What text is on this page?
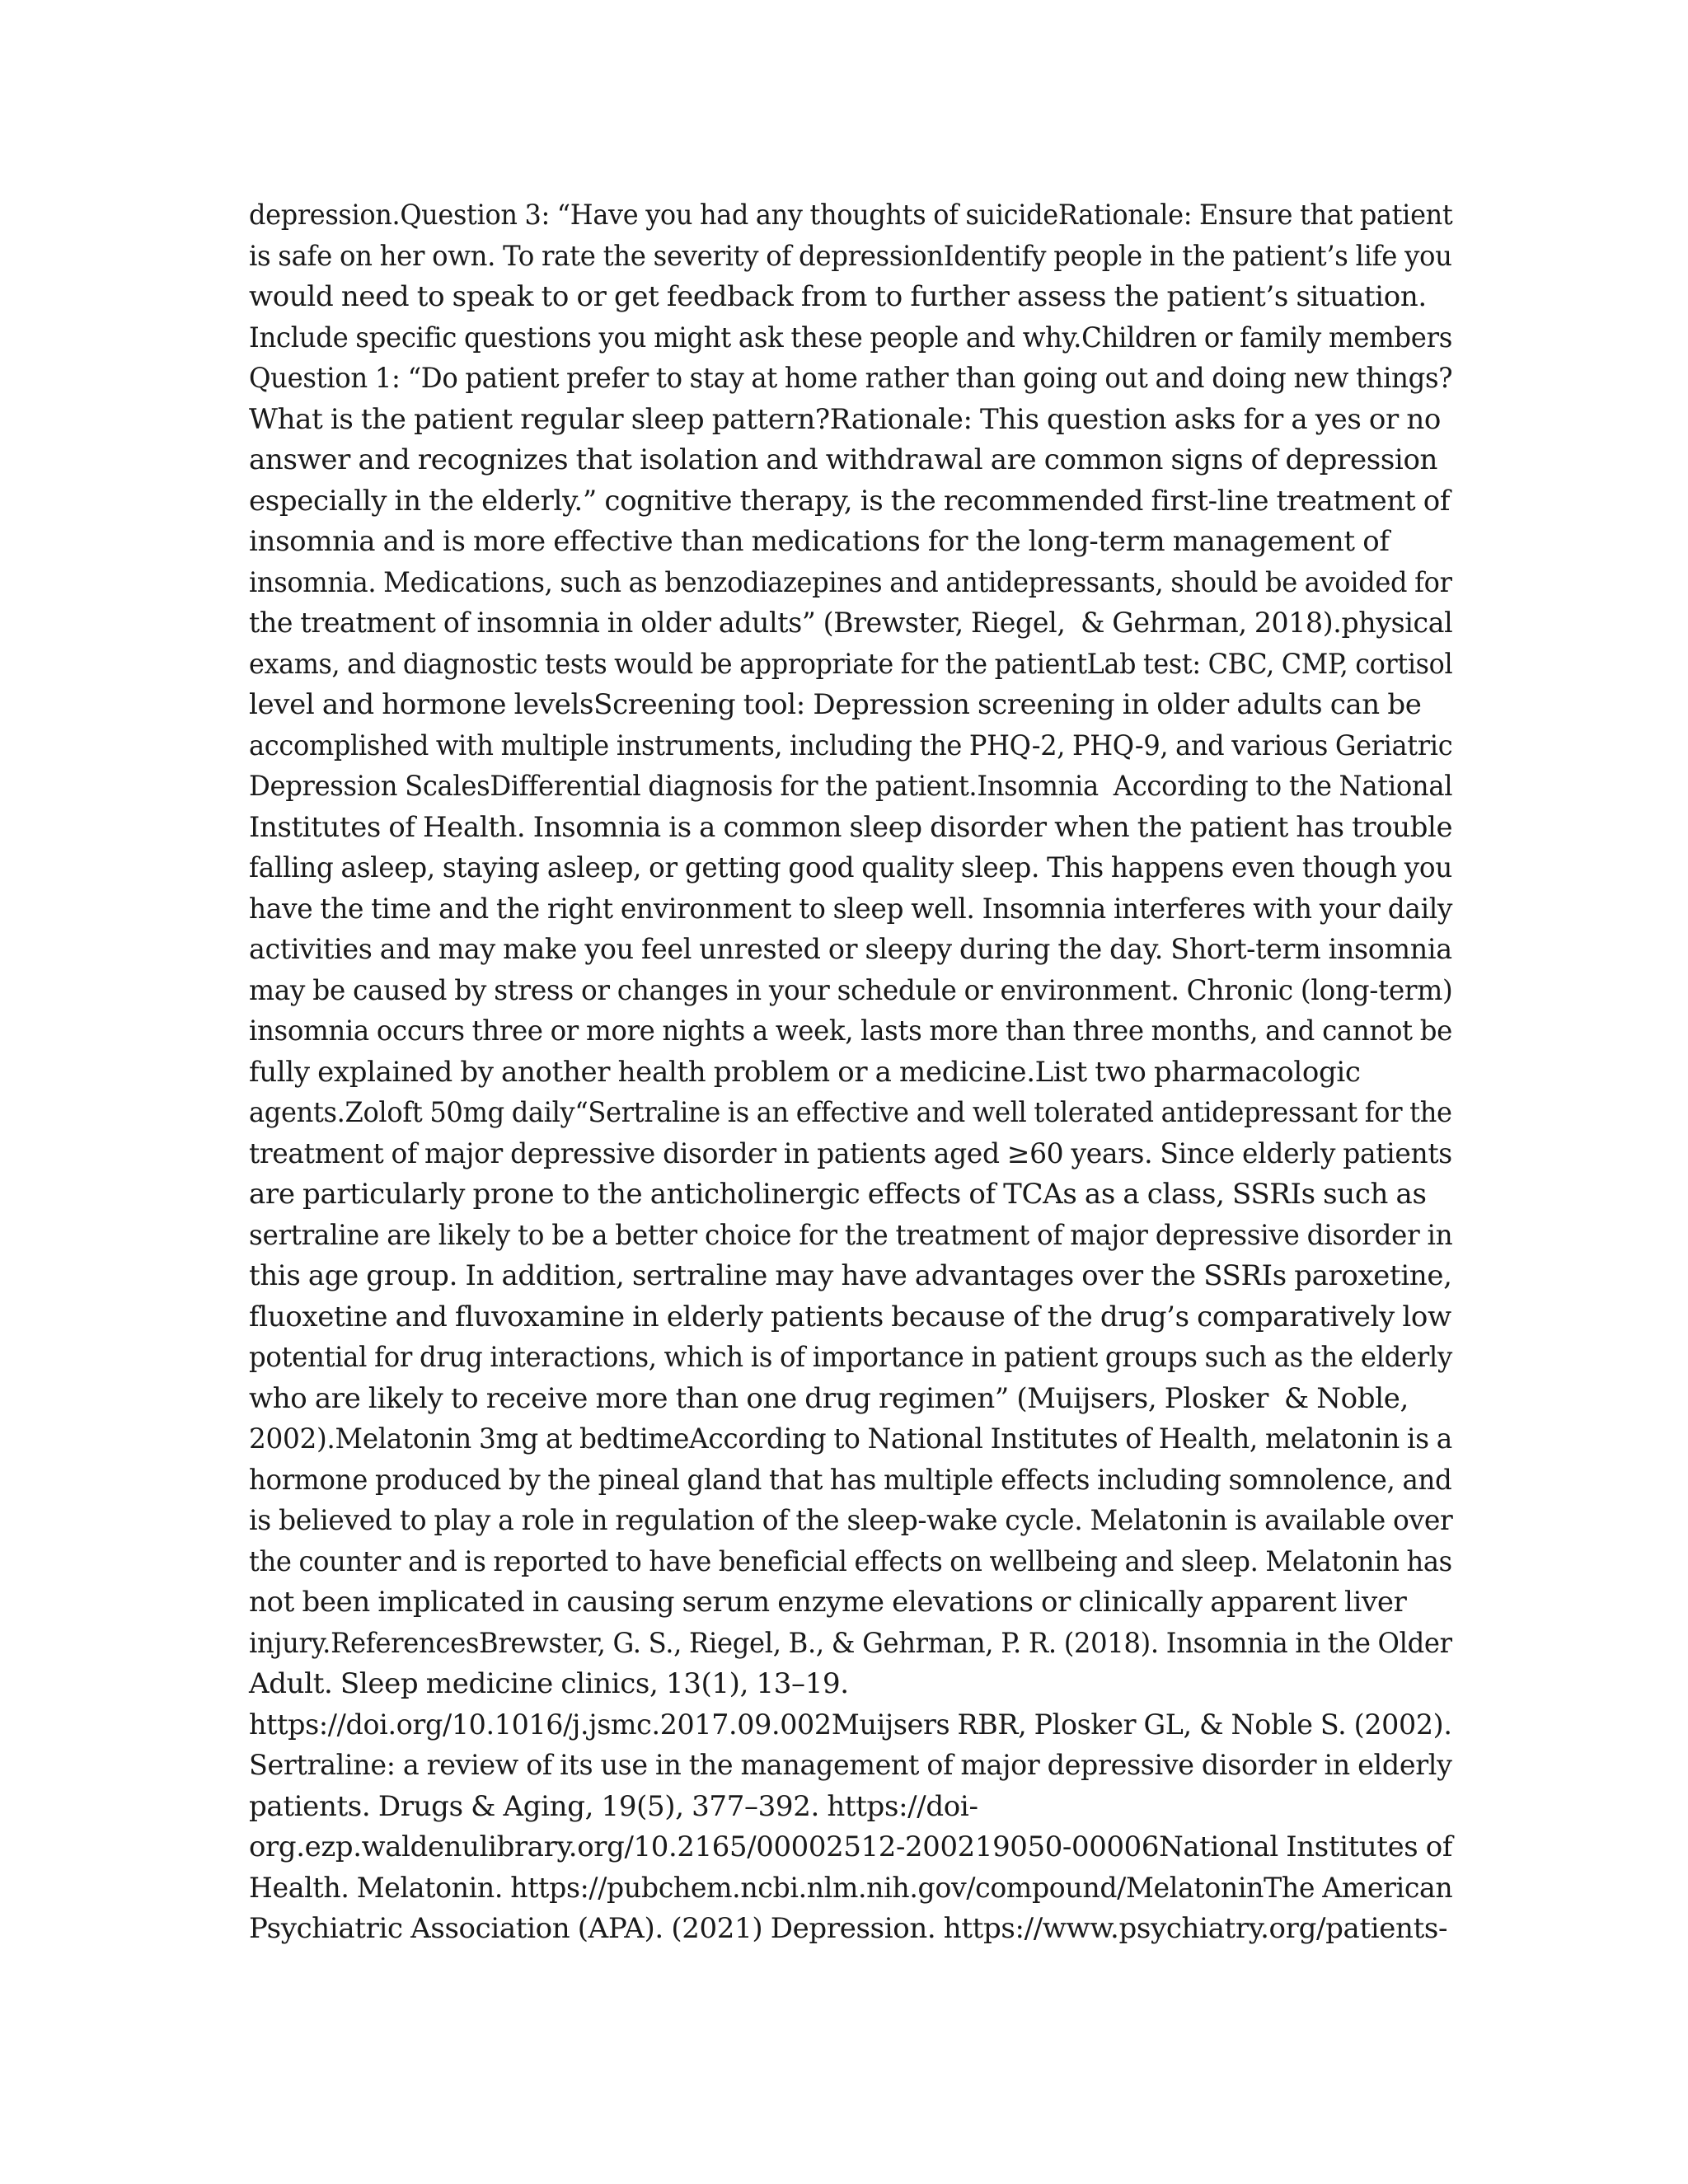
depression.Question 3: “Have you had any thoughts of suicideRationale: Ensure that patient
is safe on her own. To rate the severity of depressionIdentify people in the patient’s life you
would need to speak to or get feedback from to further assess the patient’s situation.
Include specific questions you might ask these people and why.Children or family members
Question 1: “Do patient prefer to stay at home rather than going out and doing new things?
What is the patient regular sleep pattern?Rationale: This question asks for a yes or no
answer and recognizes that isolation and withdrawal are common signs of depression
especially in the elderly.” cognitive therapy, is the recommended first-line treatment of
insomnia and is more effective than medications for the long-term management of
insomnia. Medications, such as benzodiazepines and antidepressants, should be avoided for
the treatment of insomnia in older adults” (Brewster, Riegel,  & Gehrman, 2018).physical
exams, and diagnostic tests would be appropriate for the patientLab test: CBC, CMP, cortisol
level and hormone levelsScreening tool: Depression screening in older adults can be
accomplished with multiple instruments, including the PHQ-2, PHQ-9, and various Geriatric
Depression ScalesDifferential diagnosis for the patient.Insomnia  According to the National
Institutes of Health. Insomnia is a common sleep disorder when the patient has trouble
falling asleep, staying asleep, or getting good quality sleep. This happens even though you
have the time and the right environment to sleep well. Insomnia interferes with your daily
activities and may make you feel unrested or sleepy during the day. Short-term insomnia
may be caused by stress or changes in your schedule or environment. Chronic (long-term)
insomnia occurs three or more nights a week, lasts more than three months, and cannot be
fully explained by another health problem or a medicine.List two pharmacologic
agents.Zoloft 50mg daily“Sertraline is an effective and well tolerated antidepressant for the
treatment of major depressive disorder in patients aged ≥60 years. Since elderly patients
are particularly prone to the anticholinergic effects of TCAs as a class, SSRIs such as
sertraline are likely to be a better choice for the treatment of major depressive disorder in
this age group. In addition, sertraline may have advantages over the SSRIs paroxetine,
fluoxetine and fluvoxamine in elderly patients because of the drug’s comparatively low
potential for drug interactions, which is of importance in patient groups such as the elderly
who are likely to receive more than one drug regimen” (Muijsers, Plosker  & Noble,
2002).Melatonin 3mg at bedtimeAccording to National Institutes of Health, melatonin is a
hormone produced by the pineal gland that has multiple effects including somnolence, and
is believed to play a role in regulation of the sleep-wake cycle. Melatonin is available over
the counter and is reported to have beneficial effects on wellbeing and sleep. Melatonin has
not been implicated in causing serum enzyme elevations or clinically apparent liver
injury.ReferencesBrewster, G. S., Riegel, B., & Gehrman, P. R. (2018). Insomnia in the Older
Adult. Sleep medicine clinics, 13(1), 13–19.
https://doi.org/10.1016/j.jsmc.2017.09.002Muijsers RBR, Plosker GL, & Noble S. (2002).
Sertraline: a review of its use in the management of major depressive disorder in elderly
patients. Drugs & Aging, 19(5), 377–392. https://doi-
org.ezp.waldenulibrary.org/10.2165/00002512-200219050-00006National Institutes of
Health. Melatonin. https://pubchem.ncbi.nlm.nih.gov/compound/MelatoninThe American
Psychiatric Association (APA). (2021) Depression. https://www.psychiatry.org/patients-
